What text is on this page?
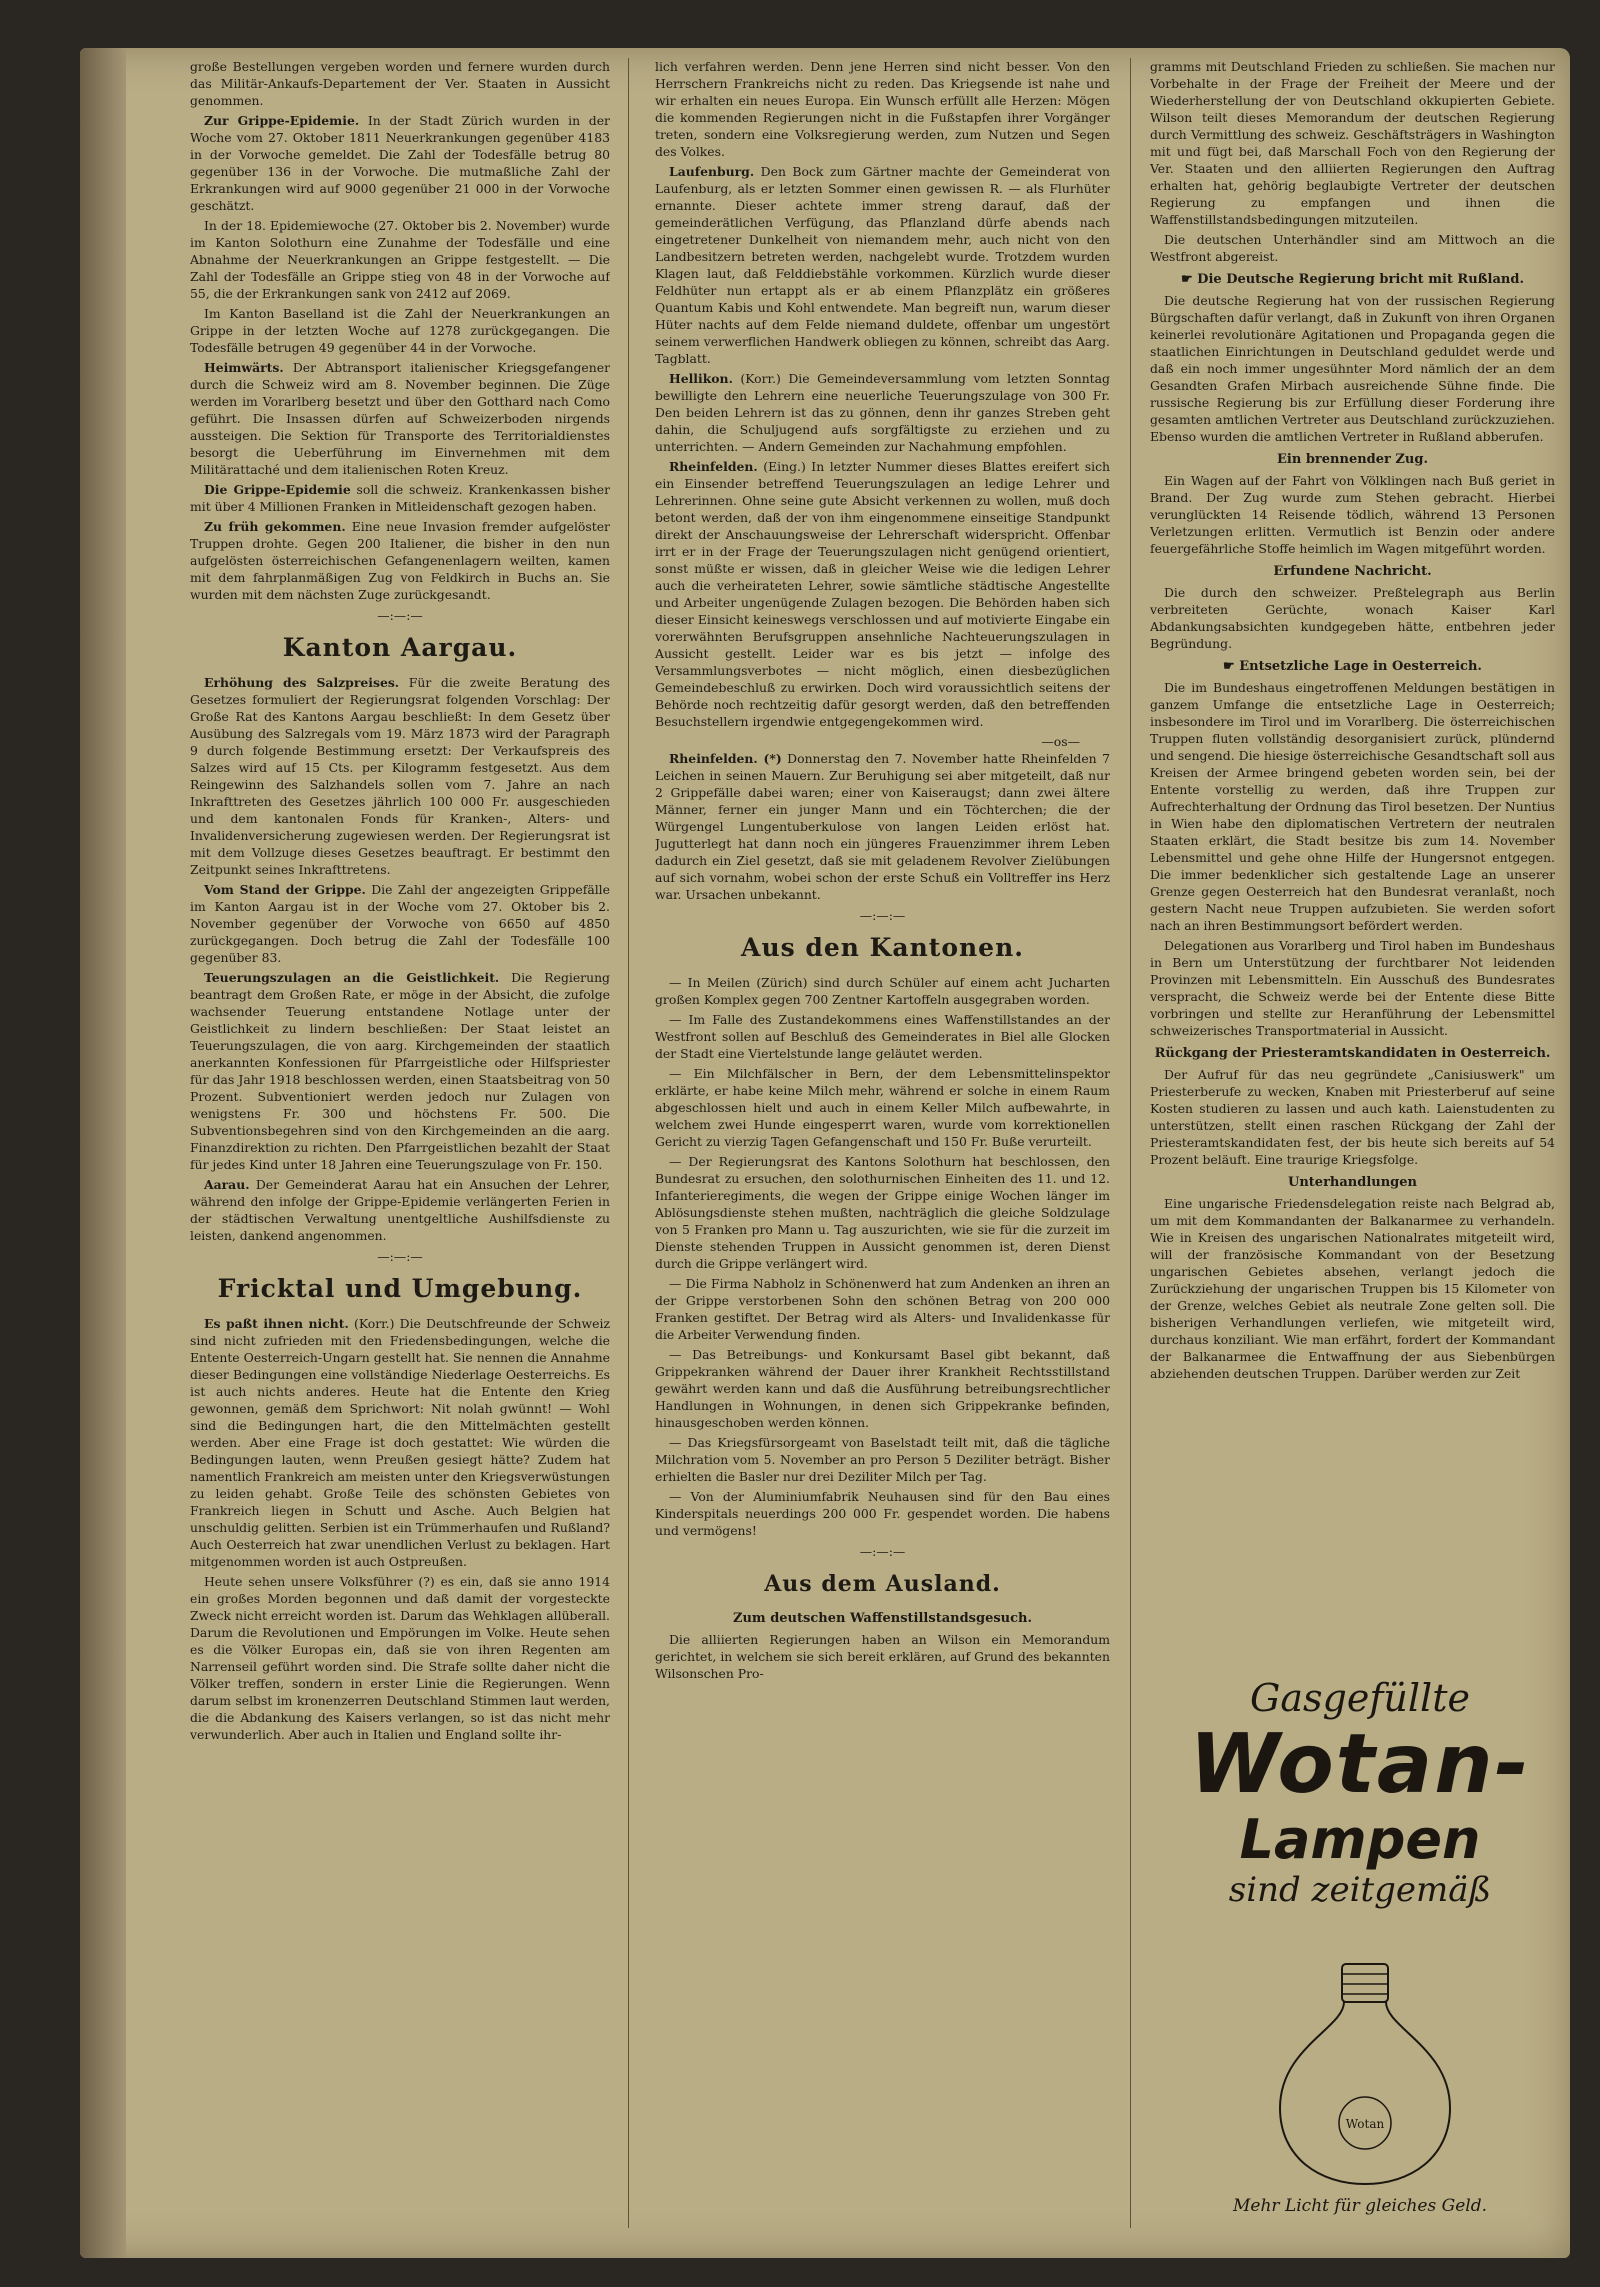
große Bestellungen vergeben worden und fernere wurden durch das Militär-Ankaufs-Departement der Ver. Staaten in Aussicht genommen.

Zur Grippe-Epidemie. In der Stadt Zürich wurden in der Woche vom 27. Oktober 1811 Neuerkrankungen gegenüber 4183 in der Vorwoche gemeldet. Die Zahl der Todesfälle betrug 80 gegenüber 136 in der Vorwoche. Die mutmaßliche Zahl der Erkrankungen wird auf 9000 gegenüber 21 000 in der Vorwoche geschätzt.

In der 18. Epidemiewoche (27. Oktober bis 2. November) wurde im Kanton Solothurn eine Zunahme der Todesfälle und eine Abnahme der Neuerkrankungen an Grippe festgestellt. — Die Zahl der Todesfälle an Grippe stieg von 48 in der Vorwoche auf 55, die der Erkrankungen sank von 2412 auf 2069.

Im Kanton Baselland ist die Zahl der Neuerkrankungen an Grippe in der letzten Woche auf 1278 zurückgegangen. Die Todesfälle betrugen 49 gegenüber 44 in der Vorwoche.

Heimwärts. Der Abtransport italienischer Kriegsgefangener durch die Schweiz wird am 8. November beginnen. Die Züge werden im Vorarlberg besetzt und über den Gotthard nach Como geführt. Die Insassen dürfen auf Schweizerboden nirgends aussteigen. Die Sektion für Transporte des Territorialdienstes besorgt die Ueberführung im Einvernehmen mit dem Militärattaché und dem italienischen Roten Kreuz.

Die Grippe-Epidemie soll die schweiz. Krankenkassen bisher mit über 4 Millionen Franken in Mitleidenschaft gezogen haben.

Zu früh gekommen. Eine neue Invasion fremder aufgelöster Truppen drohte. Gegen 200 Italiener, die bisher in den nun aufgelösten österreichischen Gefangenenlagern weilten, kamen mit dem fahrplanmäßigen Zug von Feldkirch in Buchs an. Sie wurden mit dem nächsten Zuge zurückgesandt.

—:—:—
Kanton Aargau.

Erhöhung des Salzpreises. Für die zweite Beratung des Gesetzes formuliert der Regierungsrat folgenden Vorschlag: Der Große Rat des Kantons Aargau beschließt: In dem Gesetz über Ausübung des Salzregals vom 19. März 1873 wird der Paragraph 9 durch folgende Bestimmung ersetzt: Der Verkaufspreis des Salzes wird auf 15 Cts. per Kilogramm festgesetzt. Aus dem Reingewinn des Salzhandels sollen vom 7. Jahre an nach Inkrafttreten des Gesetzes jährlich 100 000 Fr. ausgeschieden und dem kantonalen Fonds für Kranken-, Alters- und Invalidenversicherung zugewiesen werden. Der Regierungsrat ist mit dem Vollzuge dieses Gesetzes beauftragt. Er bestimmt den Zeitpunkt seines Inkrafttretens.

Vom Stand der Grippe. Die Zahl der angezeigten Grippefälle im Kanton Aargau ist in der Woche vom 27. Oktober bis 2. November gegenüber der Vorwoche von 6650 auf 4850 zurückgegangen. Doch betrug die Zahl der Todesfälle 100 gegenüber 83.

Teuerungszulagen an die Geistlichkeit. Die Regierung beantragt dem Großen Rate, er möge in der Absicht, die zufolge wachsender Teuerung entstandene Notlage unter der Geistlichkeit zu lindern beschließen: Der Staat leistet an Teuerungszulagen, die von aarg. Kirchgemeinden der staatlich anerkannten Konfessionen für Pfarrgeistliche oder Hilfspriester für das Jahr 1918 beschlossen werden, einen Staatsbeitrag von 50 Prozent. Subventioniert werden jedoch nur Zulagen von wenigstens Fr. 300 und höchstens Fr. 500. Die Subventionsbegehren sind von den Kirchgemeinden an die aarg. Finanzdirektion zu richten. Den Pfarrgeistlichen bezahlt der Staat für jedes Kind unter 18 Jahren eine Teuerungszulage von Fr. 150.

Aarau. Der Gemeinderat Aarau hat ein Ansuchen der Lehrer, während den infolge der Grippe-Epidemie verlängerten Ferien in der städtischen Verwaltung unentgeltliche Aushilfsdienste zu leisten, dankend angenommen.

—:—:—
Fricktal und Umgebung.

Es paßt ihnen nicht. (Korr.) Die Deutschfreunde der Schweiz sind nicht zufrieden mit den Friedensbedingungen, welche die Entente Oesterreich-Ungarn gestellt hat. Sie nennen die Annahme dieser Bedingungen eine vollständige Niederlage Oesterreichs. Es ist auch nichts anderes. Heute hat die Entente den Krieg gewonnen, gemäß dem Sprichwort: Nit nolah gwünnt! — Wohl sind die Bedingungen hart, die den Mittelmächten gestellt werden. Aber eine Frage ist doch gestattet: Wie würden die Bedingungen lauten, wenn Preußen gesiegt hätte? Zudem hat namentlich Frankreich am meisten unter den Kriegsverwüstungen zu leiden gehabt. Große Teile des schönsten Gebietes von Frankreich liegen in Schutt und Asche. Auch Belgien hat unschuldig gelitten. Serbien ist ein Trümmerhaufen und Rußland? Auch Oesterreich hat zwar unendlichen Verlust zu beklagen. Hart mitgenommen worden ist auch Ostpreußen.

Heute sehen unsere Volksführer (?) es ein, daß sie anno 1914 ein großes Morden begonnen und daß damit der vorgesteckte Zweck nicht erreicht worden ist. Darum das Wehklagen allüberall. Darum die Revolutionen und Empörungen im Volke. Heute sehen es die Völker Europas ein, daß sie von ihren Regenten am Narrenseil geführt worden sind. Die Strafe sollte daher nicht die Völker treffen, sondern in erster Linie die Regierungen. Wenn darum selbst im kronenzerren Deutschland Stimmen laut werden, die die Abdankung des Kaisers verlangen, so ist das nicht mehr verwunderlich. Aber auch in Italien und England sollte ihr-

lich verfahren werden. Denn jene Herren sind nicht besser. Von den Herrschern Frankreichs nicht zu reden. Das Kriegsende ist nahe und wir erhalten ein neues Europa. Ein Wunsch erfüllt alle Herzen: Mögen die kommenden Regierungen nicht in die Fußstapfen ihrer Vorgänger treten, sondern eine Volksregierung werden, zum Nutzen und Segen des Volkes.

Laufenburg. Den Bock zum Gärtner machte der Gemeinderat von Laufenburg, als er letzten Sommer einen gewissen R. — als Flurhüter ernannte. Dieser achtete immer streng darauf, daß der gemeinderätlichen Verfügung, das Pflanzland dürfe abends nach eingetretener Dunkelheit von niemandem mehr, auch nicht von den Landbesitzern betreten werden, nachgelebt wurde. Trotzdem wurden Klagen laut, daß Felddiebstähle vorkommen. Kürzlich wurde dieser Feldhüter nun ertappt als er ab einem Pflanzplätz ein größeres Quantum Kabis und Kohl entwendete. Man begreift nun, warum dieser Hüter nachts auf dem Felde niemand duldete, offenbar um ungestört seinem verwerflichen Handwerk obliegen zu können, schreibt das Aarg. Tagblatt.

Hellikon. (Korr.) Die Gemeindeversammlung vom letzten Sonntag bewilligte den Lehrern eine neuerliche Teuerungszulage von 300 Fr. Den beiden Lehrern ist das zu gönnen, denn ihr ganzes Streben geht dahin, die Schuljugend aufs sorgfältigste zu erziehen und zu unterrichten. — Andern Gemeinden zur Nachahmung empfohlen.

Rheinfelden. (Eing.) In letzter Nummer dieses Blattes ereifert sich ein Einsender betreffend Teuerungszulagen an ledige Lehrer und Lehrerinnen. Ohne seine gute Absicht verkennen zu wollen, muß doch betont werden, daß der von ihm eingenommene einseitige Standpunkt direkt der Anschauungsweise der Lehrerschaft widerspricht. Offenbar irrt er in der Frage der Teuerungszulagen nicht genügend orientiert, sonst müßte er wissen, daß in gleicher Weise wie die ledigen Lehrer auch die verheirateten Lehrer, sowie sämtliche städtische Angestellte und Arbeiter ungenügende Zulagen bezogen. Die Behörden haben sich dieser Einsicht keineswegs verschlossen und auf motivierte Eingabe ein vorerwähnten Berufsgruppen ansehnliche Nachteuerungszulagen in Aussicht gestellt. Leider war es bis jetzt — infolge des Versammlungsverbotes — nicht möglich, einen diesbezüglichen Gemeindebeschluß zu erwirken. Doch wird voraussichtlich seitens der Behörde noch rechtzeitig dafür gesorgt werden, daß den betreffenden Besuchstellern irgendwie entgegengekommen wird.

—os—

Rheinfelden. (*) Donnerstag den 7. November hatte Rheinfelden 7 Leichen in seinen Mauern. Zur Beruhigung sei aber mitgeteilt, daß nur 2 Grippefälle dabei waren; einer von Kaiseraugst; dann zwei ältere Männer, ferner ein junger Mann und ein Töchterchen; die der Würgengel Lungentuberkulose von langen Leiden erlöst hat. Jugutterlegt hat dann noch ein jüngeres Frauenzimmer ihrem Leben dadurch ein Ziel gesetzt, daß sie mit geladenem Revolver Zielübungen auf sich vornahm, wobei schon der erste Schuß ein Volltreffer ins Herz war. Ursachen unbekannt.

—:—:—
Aus den Kantonen.

— In Meilen (Zürich) sind durch Schüler auf einem acht Jucharten großen Komplex gegen 700 Zentner Kartoffeln ausgegraben worden.

— Im Falle des Zustandekommens eines Waffenstillstandes an der Westfront sollen auf Beschluß des Gemeinderates in Biel alle Glocken der Stadt eine Viertelstunde lange geläutet werden.

— Ein Milchfälscher in Bern, der dem Lebensmittelinspektor erklärte, er habe keine Milch mehr, während er solche in einem Raum abgeschlossen hielt und auch in einem Keller Milch aufbewahrte, in welchem zwei Hunde eingesperrt waren, wurde vom korrektionellen Gericht zu vierzig Tagen Gefangenschaft und 150 Fr. Buße verurteilt.

— Der Regierungsrat des Kantons Solothurn hat beschlossen, den Bundesrat zu ersuchen, den solothurnischen Einheiten des 11. und 12. Infanterieregiments, die wegen der Grippe einige Wochen länger im Ablösungsdienste stehen mußten, nachträglich die gleiche Soldzulage von 5 Franken pro Mann u. Tag auszurichten, wie sie für die zurzeit im Dienste stehenden Truppen in Aussicht genommen ist, deren Dienst durch die Grippe verlängert wird.

— Die Firma Nabholz in Schönenwerd hat zum Andenken an ihren an der Grippe verstorbenen Sohn den schönen Betrag von 200 000 Franken gestiftet. Der Betrag wird als Alters- und Invalidenkasse für die Arbeiter Verwendung finden.

— Das Betreibungs- und Konkursamt Basel gibt bekannt, daß Grippekranken während der Dauer ihrer Krankheit Rechtsstillstand gewährt werden kann und daß die Ausführung betreibungsrechtlicher Handlungen in Wohnungen, in denen sich Grippekranke befinden, hinausgeschoben werden können.

— Das Kriegsfürsorgeamt von Baselstadt teilt mit, daß die tägliche Milchration vom 5. November an pro Person 5 Deziliter beträgt. Bisher erhielten die Basler nur drei Deziliter Milch per Tag.

— Von der Aluminiumfabrik Neuhausen sind für den Bau eines Kinderspitals neuerdings 200 000 Fr. gespendet worden. Die habens und vermögens!

—:—:—
Aus dem Ausland.
Zum deutschen Waffenstillstandsgesuch.

Die alliierten Regierungen haben an Wilson ein Memorandum gerichtet, in welchem sie sich bereit erklären, auf Grund des bekannten Wilsonschen Pro-

gramms mit Deutschland Frieden zu schließen. Sie machen nur Vorbehalte in der Frage der Freiheit der Meere und der Wiederherstellung der von Deutschland okkupierten Gebiete. Wilson teilt dieses Memorandum der deutschen Regierung durch Vermittlung des schweiz. Geschäftsträgers in Washington mit und fügt bei, daß Marschall Foch von den Regierung der Ver. Staaten und den alliierten Regierungen den Auftrag erhalten hat, gehörig beglaubigte Vertreter der deutschen Regierung zu empfangen und ihnen die Waffenstillstandsbedingungen mitzuteilen.

Die deutschen Unterhändler sind am Mittwoch an die Westfront abgereist.

☛ Die Deutsche Regierung bricht mit Rußland.

Die deutsche Regierung hat von der russischen Regierung Bürgschaften dafür verlangt, daß in Zukunft von ihren Organen keinerlei revolutionäre Agitationen und Propaganda gegen die staatlichen Einrichtungen in Deutschland geduldet werde und daß ein noch immer ungesühnter Mord nämlich der an dem Gesandten Grafen Mirbach ausreichende Sühne finde. Die russische Regierung bis zur Erfüllung dieser Forderung ihre gesamten amtlichen Vertreter aus Deutschland zurückzuziehen. Ebenso wurden die amtlichen Vertreter in Rußland abberufen.

Ein brennender Zug.

Ein Wagen auf der Fahrt von Völklingen nach Buß geriet in Brand. Der Zug wurde zum Stehen gebracht. Hierbei verunglückten 14 Reisende tödlich, während 13 Personen Verletzungen erlitten. Vermutlich ist Benzin oder andere feuergefährliche Stoffe heimlich im Wagen mitgeführt worden.

Erfundene Nachricht.

Die durch den schweizer. Preßtelegraph aus Berlin verbreiteten Gerüchte, wonach Kaiser Karl Abdankungsabsichten kundgegeben hätte, entbehren jeder Begründung.

☛ Entsetzliche Lage in Oesterreich.

Die im Bundeshaus eingetroffenen Meldungen bestätigen in ganzem Umfange die entsetzliche Lage in Oesterreich; insbesondere im Tirol und im Vorarlberg. Die österreichischen Truppen fluten vollständig desorganisiert zurück, plündernd und sengend. Die hiesige österreichische Gesandtschaft soll aus Kreisen der Armee bringend gebeten worden sein, bei der Entente vorstellig zu werden, daß ihre Truppen zur Aufrechterhaltung der Ordnung das Tirol besetzen. Der Nuntius in Wien habe den diplomatischen Vertretern der neutralen Staaten erklärt, die Stadt besitze bis zum 14. November Lebensmittel und gehe ohne Hilfe der Hungersnot entgegen. Die immer bedenklicher sich gestaltende Lage an unserer Grenze gegen Oesterreich hat den Bundesrat veranlaßt, noch gestern Nacht neue Truppen aufzubieten. Sie werden sofort nach an ihren Bestimmungsort befördert werden.

Delegationen aus Vorarlberg und Tirol haben im Bundeshaus in Bern um Unterstützung der furchtbarer Not leidenden Provinzen mit Lebensmitteln. Ein Ausschuß des Bundesrates verspracht, die Schweiz werde bei der Entente diese Bitte vorbringen und stellte zur Heranführung der Lebensmittel schweizerisches Transportmaterial in Aussicht.

Rückgang der Priesteramtskandidaten in Oesterreich.

Der Aufruf für das neu gegründete „Canisiuswerk" um Priesterberufe zu wecken, Knaben mit Priesterberuf auf seine Kosten studieren zu lassen und auch kath. Laienstudenten zu unterstützen, stellt einen raschen Rückgang der Zahl der Priesteramtskandidaten fest, der bis heute sich bereits auf 54 Prozent beläuft. Eine traurige Kriegsfolge.

Unterhandlungen

Eine ungarische Friedensdelegation reiste nach Belgrad ab, um mit dem Kommandanten der Balkanarmee zu verhandeln. Wie in Kreisen des ungarischen Nationalrates mitgeteilt wird, will der französische Kommandant von der Besetzung ungarischen Gebietes absehen, verlangt jedoch die Zurückziehung der ungarischen Truppen bis 15 Kilometer von der Grenze, welches Gebiet als neutrale Zone gelten soll. Die bisherigen Verhandlungen verliefen, wie mitgeteilt wird, durchaus konziliant. Wie man erfährt, fordert der Kommandant der Balkanarmee die Entwaffnung der aus Siebenbürgen abziehenden deutschen Truppen. Darüber werden zur Zeit

Gasgefüllte
Wotan-
Lampen
sind zeitgemäß
Wotan
Mehr Licht für gleiches Geld.
